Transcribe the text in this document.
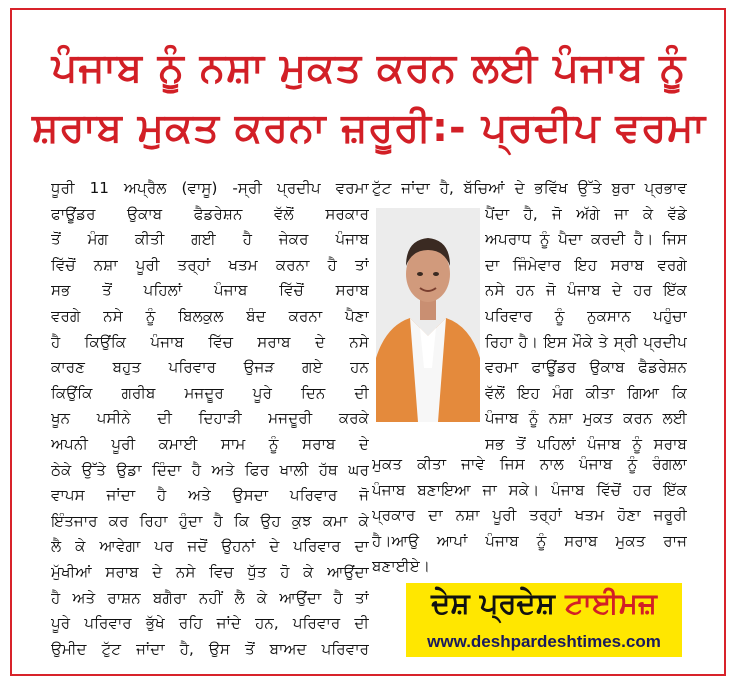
ਪੰਜਾਬ ਨੂੰ ਨਸ਼ਾ ਮੁਕਤ ਕਰਨ ਲਈ ਪੰਜਾਬ ਨੂੰ
ਸ਼ਰਾਬ ਮੁਕਤ ਕਰਨਾ ਜ਼ਰੂਰੀ:- ਪ੍ਰਦੀਪ ਵਰਮਾ
ਧੂਰੀ 11 ਅਪ੍ਰੈਲ (ਵਾਸੂ) -ਸ੍ਰੀ ਪ੍ਰਦੀਪ ਵਰਮਾ
ਫਾਊਂਡਰ ਉਕਾਬ ਫੈਡਰੇਸ਼ਨ ਵੱਲੋਂ ਸਰਕਾਰ
ਤੋਂ ਮੰਗ ਕੀਤੀ ਗਈ ਹੈ ਜੇਕਰ ਪੰਜਾਬ
ਵਿੱਚੋਂ ਨਸ਼ਾ ਪੂਰੀ ਤਰ੍ਹਾਂ ਖਤਮ ਕਰਨਾ ਹੈ ਤਾਂ
ਸਭ ਤੋਂ ਪਹਿਲਾਂ ਪੰਜਾਬ ਵਿੱਚੋਂ ਸਰਾਬ
ਵਰਗੇ ਨਸੇ ਨੂੰ ਬਿਲਕੁਲ ਬੰਦ ਕਰਨਾ ਪੈਣਾ
ਹੈ ਕਿਉਂਕਿ ਪੰਜਾਬ ਵਿੱਚ ਸਰਾਬ ਦੇ ਨਸੇ
ਕਾਰਣ ਬਹੁਤ ਪਰਿਵਾਰ ਉਜੜ ਗਏ ਹਨ
ਕਿਉਂਕਿ ਗਰੀਬ ਮਜਦੂਰ ਪੂਰੇ ਦਿਨ ਦੀ
ਖੂਨ ਪਸੀਨੇ ਦੀ ਦਿਹਾੜੀ ਮਜਦੂਰੀ ਕਰਕੇ
ਅਪਨੀ ਪੂਰੀ ਕਮਾਈ ਸਾਮ ਨੂੰ ਸਰਾਬ ਦੇ
ਠੇਕੇ ਉੱਤੇ ਉਡਾ ਦਿੰਦਾ ਹੈ ਅਤੇ ਫਿਰ ਖਾਲੀ ਹੱਥ ਘਰ
ਵਾਪਸ ਜਾਂਦਾ ਹੈ ਅਤੇ ਉਸਦਾ ਪਰਿਵਾਰ ਜੋ
ਇੰਤਜਾਰ ਕਰ ਰਿਹਾ ਹੁੰਦਾ ਹੈ ਕਿ ਉਹ ਕੁਝ ਕਮਾ ਕੇ
ਲੈ ਕੇ ਆਵੇਗਾ ਪਰ ਜਦੋਂ ਉਹਨਾਂ ਦੇ ਪਰਿਵਾਰ ਦਾ
ਮੁੱਖੀਆਂ ਸਰਾਬ ਦੇ ਨਸੇ ਵਿਚ ਧੁੱਤ ਹੋ ਕੇ ਆਉਂਦਾ
ਹੈ ਅਤੇ ਰਾਸ਼ਨ ਬਗੈਰਾ ਨਹੀਂ ਲੈ ਕੇ ਆਉਂਦਾ ਹੈ ਤਾਂ
ਪੂਰੇ ਪਰਿਵਾਰ ਭੁੱਖੇ ਰਹਿ ਜਾਂਦੇ ਹਨ, ਪਰਿਵਾਰ ਦੀ
ਉਮੀਦ ਟੁੱਟ ਜਾਂਦਾ ਹੈ, ਉਸ ਤੋਂ ਬਾਅਦ ਪਰਿਵਾਰ
ਟੁੱਟ ਜਾਂਦਾ ਹੈ, ਬੱਚਿਆਂ ਦੇ ਭਵਿੱਖ ਉੱਤੇ ਬੁਰਾ ਪ੍ਰਭਾਵ
ਪੈਂਦਾ ਹੈ, ਜੋ ਅੱਗੇ ਜਾ ਕੇ ਵੱਡੇ
ਅਪਰਾਧ ਨੂੰ ਪੈਦਾ ਕਰਦੀ ਹੈ। ਜਿਸ
ਦਾ ਜਿੰਮੇਵਾਰ ਇਹ ਸਰਾਬ ਵਰਗੇ
ਨਸੇ ਹਨ ਜੋ ਪੰਜਾਬ ਦੇ ਹਰ ਇੱਕ
ਪਰਿਵਾਰ ਨੂੰ ਨੁਕਸਾਨ ਪਹੁੰਚਾ
ਰਿਹਾ ਹੈ। ਇਸ ਮੌਕੇ ਤੇ ਸ੍ਰੀ ਪ੍ਰਦੀਪ
ਵਰਮਾ ਫਾਊਂਡਰ ਉਕਾਬ ਫੈਡਰੇਸ਼ਨ
ਵੱਲੋਂ ਇਹ ਮੰਗ ਕੀਤਾ ਗਿਆ ਕਿ
ਪੰਜਾਬ ਨੂੰ ਨਸ਼ਾ ਮੁਕਤ ਕਰਨ ਲਈ
ਸਭ ਤੋਂ ਪਹਿਲਾਂ ਪੰਜਾਬ ਨੂੰ ਸਰਾਬ
ਮੁਕਤ ਕੀਤਾ ਜਾਵੇ ਜਿਸ ਨਾਲ ਪੰਜਾਬ ਨੂੰ ਰੰਗਲਾ
ਪੰਜਾਬ ਬਣਾਇਆ ਜਾ ਸਕੇ। ਪੰਜਾਬ ਵਿੱਚੋਂ ਹਰ ਇੱਕ
ਪ੍ਰਕਾਰ ਦਾ ਨਸ਼ਾ ਪੂਰੀ ਤਰ੍ਹਾਂ ਖਤਮ ਹੋਣਾ ਜਰੂਰੀ
ਹੈ।ਆਉ ਆਪਾਂ ਪੰਜਾਬ ਨੂੰ ਸਰਾਬ ਮੁਕਤ ਰਾਜ
ਬਣਾਈਏ।
ਦੇਸ਼ ਪ੍ਰਦੇਸ਼ ਟਾਈਮਜ਼
www.deshpardeshtimes.com
